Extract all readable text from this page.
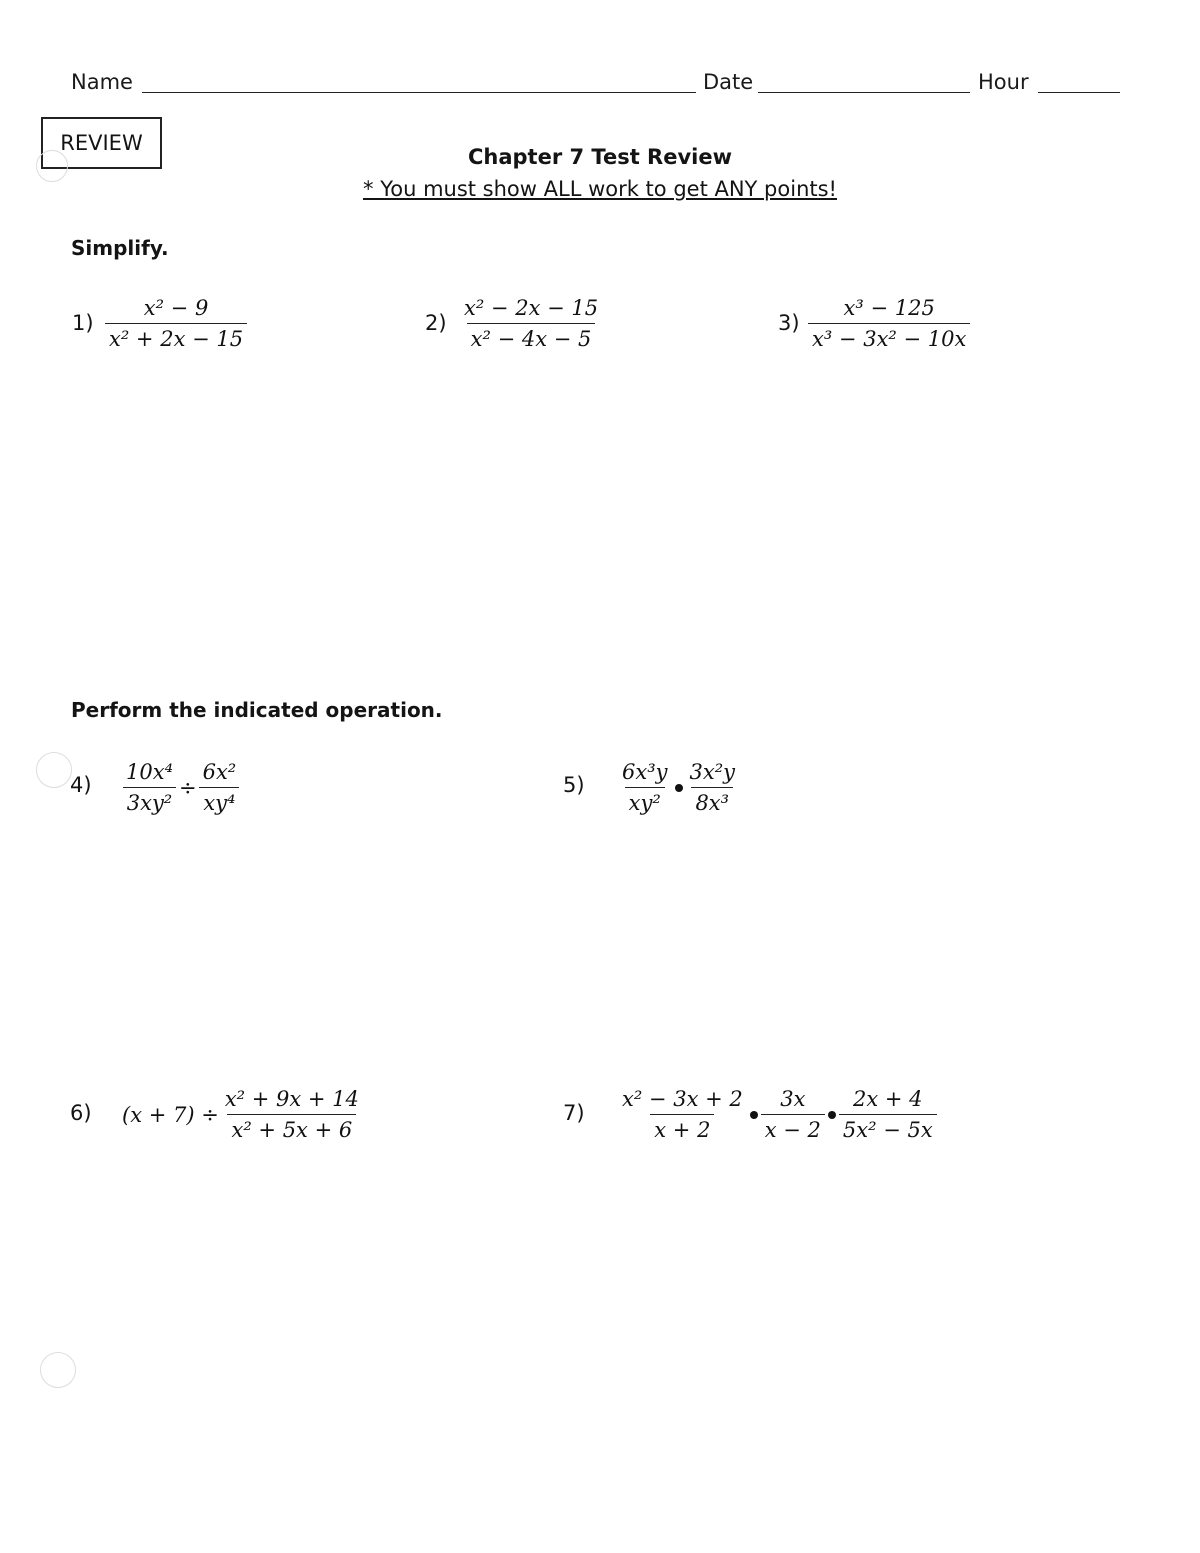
Name	Date	Hour
REVIEW
Chapter 7 Test Review
* You must show ALL work to get ANY points!
Simplify.
$1) \frac{\text{x² − 9}}{\text{x² + 2x − 15}}$	$2) \frac{\text{x² − 2x − 15}}{\text{x² − 4x − 5}}$	$3) \frac{\text{x³ − 125}}{\text{x³ − 3x² − 10x}}$
Perform the indicated operation.
$4) \frac{\text{10x⁴}}{\text{3xy²}} \div \frac{\text{6x²}}{\text{xy⁴}}$	$5) \frac{\text{6x³y}}{\text{xy²}} \frac{\text{3x²y}}{\text{8x³}}$
6) $(x + 7) \div \frac{\text{x² + 9x + 14}}{\text{x² + 5x + 6}}$	$7) \frac{\text{x² − 3x + 2}}{x + 2} \frac{3x}{x - 2} \frac{2x + 4}{\text{5x² − 5x}}$
